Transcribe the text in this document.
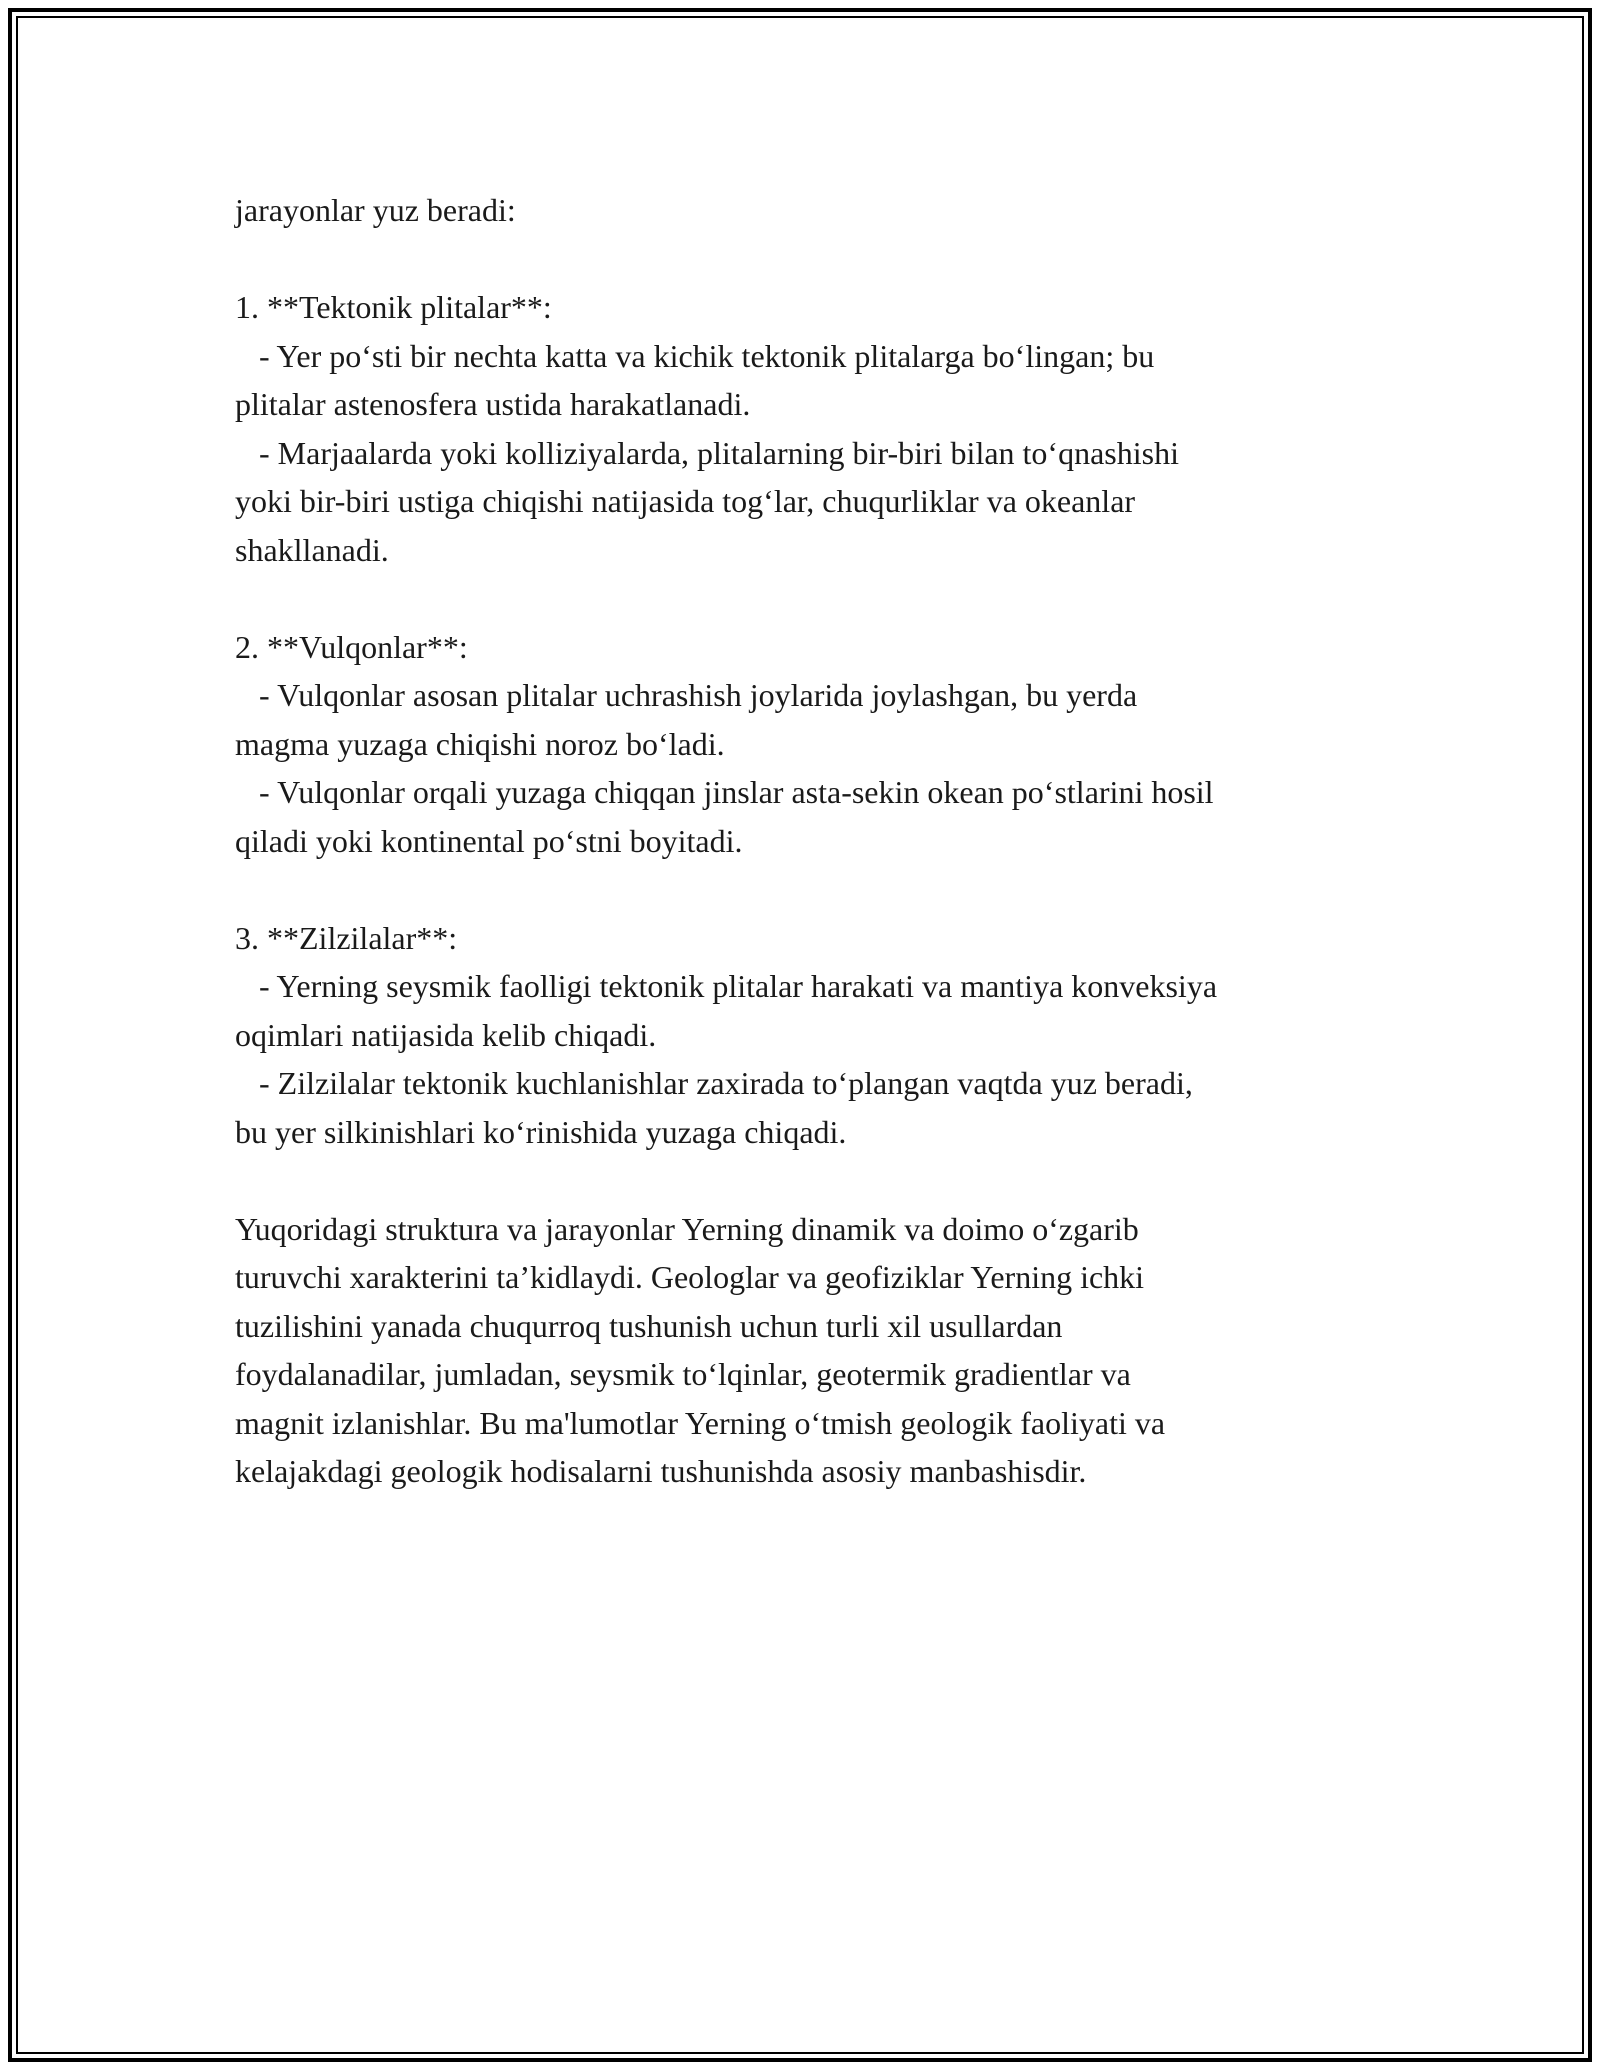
jarayonlar yuz beradi:

1. **Tektonik plitalar**:

- Yer po‘sti bir nechta katta va kichik tektonik plitalarga bo‘lingan; bu

plitalar astenosfera ustida harakatlanadi.

- Marjaalarda yoki kolliziyalarda, plitalarning bir-biri bilan to‘qnashishi

yoki bir-biri ustiga chiqishi natijasida tog‘lar, chuqurliklar va okeanlar

shakllanadi.

2. **Vulqonlar**:

- Vulqonlar asosan plitalar uchrashish joylarida joylashgan, bu yerda

magma yuzaga chiqishi noroz bo‘ladi.

- Vulqonlar orqali yuzaga chiqqan jinslar asta-sekin okean po‘stlarini hosil

qiladi yoki kontinental po‘stni boyitadi.

3. **Zilzilalar**:

- Yerning seysmik faolligi tektonik plitalar harakati va mantiya konveksiya

oqimlari natijasida kelib chiqadi.

- Zilzilalar tektonik kuchlanishlar zaxirada to‘plangan vaqtda yuz beradi,

bu yer silkinishlari ko‘rinishida yuzaga chiqadi.

Yuqoridagi struktura va jarayonlar Yerning dinamik va doimo o‘zgarib

turuvchi xarakterini ta’kidlaydi. Geologlar va geofiziklar Yerning ichki

tuzilishini yanada chuqurroq tushunish uchun turli xil usullardan

foydalanadilar, jumladan, seysmik to‘lqinlar, geotermik gradientlar va

magnit izlanishlar. Bu ma'lumotlar Yerning o‘tmish geologik faoliyati va

kelajakdagi geologik hodisalarni tushunishda asosiy manbashisdir.
